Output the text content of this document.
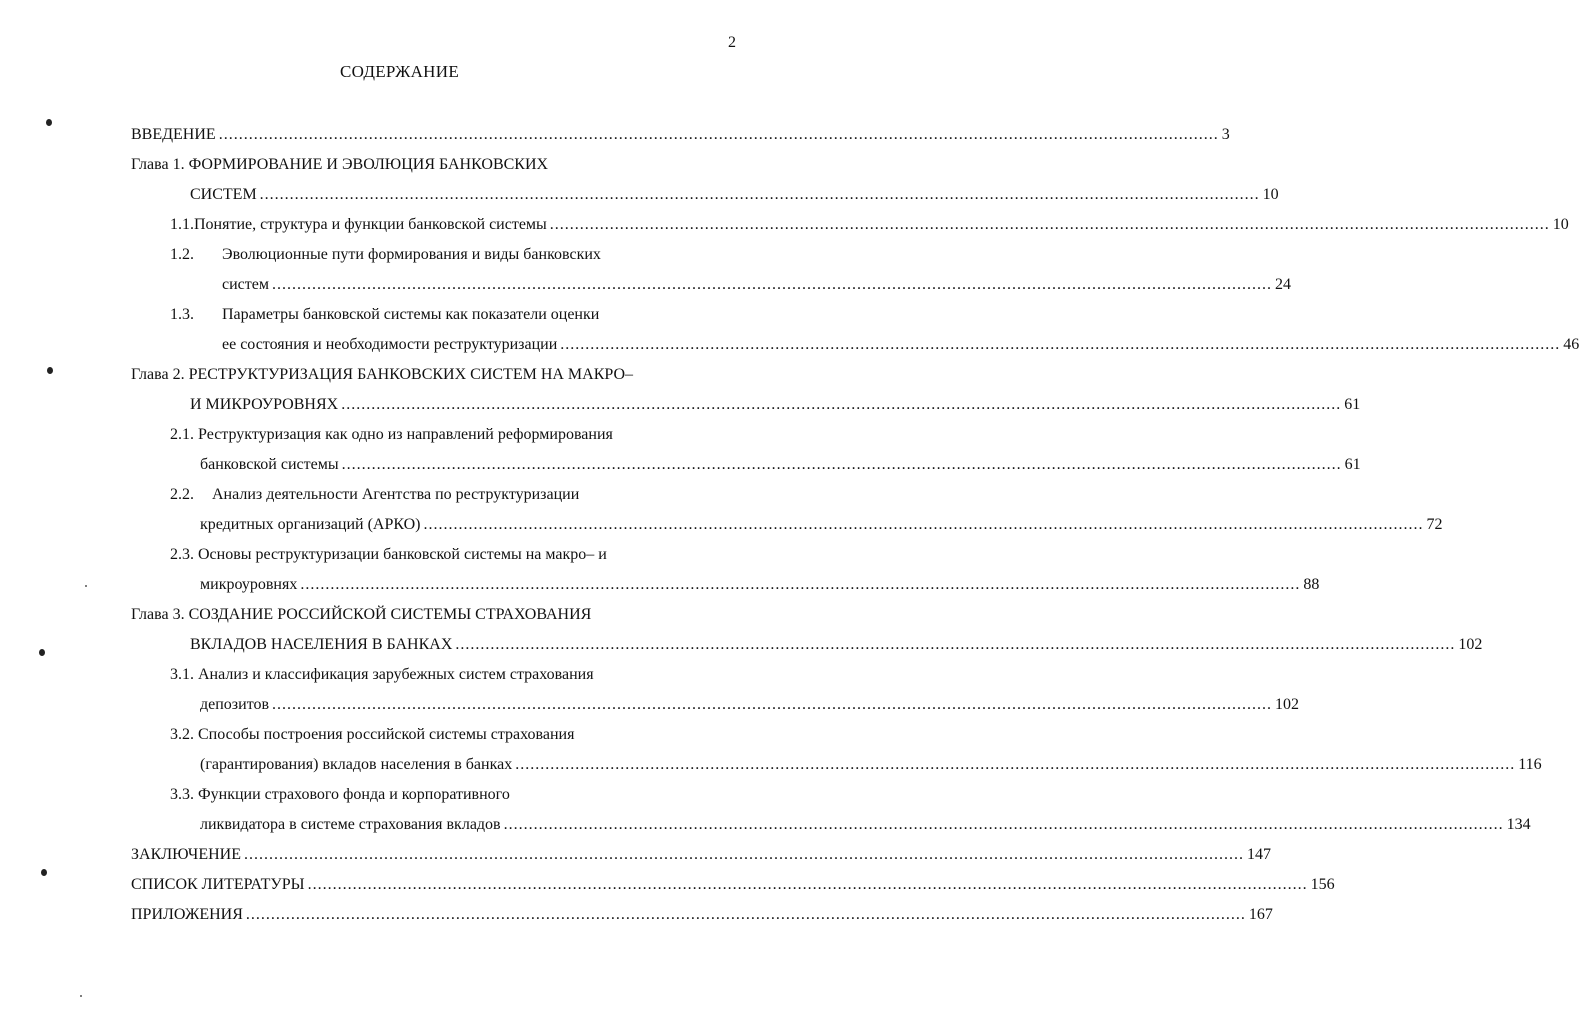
2
СОДЕРЖАНИЕ
ВВЕДЕНИЕ ........................................................................................................................................................................................................ 3
Глава 1. ФОРМИРОВАНИЕ И ЭВОЛЮЦИЯ БАНКОВСКИХ
СИСТЕМ ........................................................................................................................................................................................................ 10
1.1. Понятие, структура и функции банковской системы ........................................................................................................................................................................................................ 10
1.2.	Эволюционные пути формирования и виды банковских
систем ........................................................................................................................................................................................................ 24
1.3.	Параметры банковской системы как показатели оценки
ее состояния и необходимости реструктуризации ........................................................................................................................................................................................................ 46
Глава 2. РЕСТРУКТУРИЗАЦИЯ БАНКОВСКИХ СИСТЕМ НА МАКРО–
И МИКРОУРОВНЯХ ........................................................................................................................................................................................................ 61
2.1. Реструктуризация как одно из направлений реформирования
банковской системы ........................................................................................................................................................................................................ 61
2.2.	Анализ деятельности Агентства по реструктуризации
кредитных организаций (АРКО) ........................................................................................................................................................................................................ 72
2.3. Основы реструктуризации банковской системы на макро– и
микроуровнях ........................................................................................................................................................................................................ 88
Глава 3. СОЗДАНИЕ РОССИЙСКОЙ СИСТЕМЫ СТРАХОВАНИЯ
ВКЛАДОВ НАСЕЛЕНИЯ В БАНКАХ ........................................................................................................................................................................................................ 102
3.1. Анализ и классификация зарубежных систем страхования
депозитов ........................................................................................................................................................................................................ 102
3.2. Способы построения российской системы страхования
(гарантирования) вкладов населения в банках ........................................................................................................................................................................................................ 116
3.3. Функции страхового фонда и корпоративного
ликвидатора в системе страхования вкладов ........................................................................................................................................................................................................ 134
ЗАКЛЮЧЕНИЕ ........................................................................................................................................................................................................ 147
СПИСОК ЛИТЕРАТУРЫ ........................................................................................................................................................................................................ 156
ПРИЛОЖЕНИЯ ........................................................................................................................................................................................................ 167
